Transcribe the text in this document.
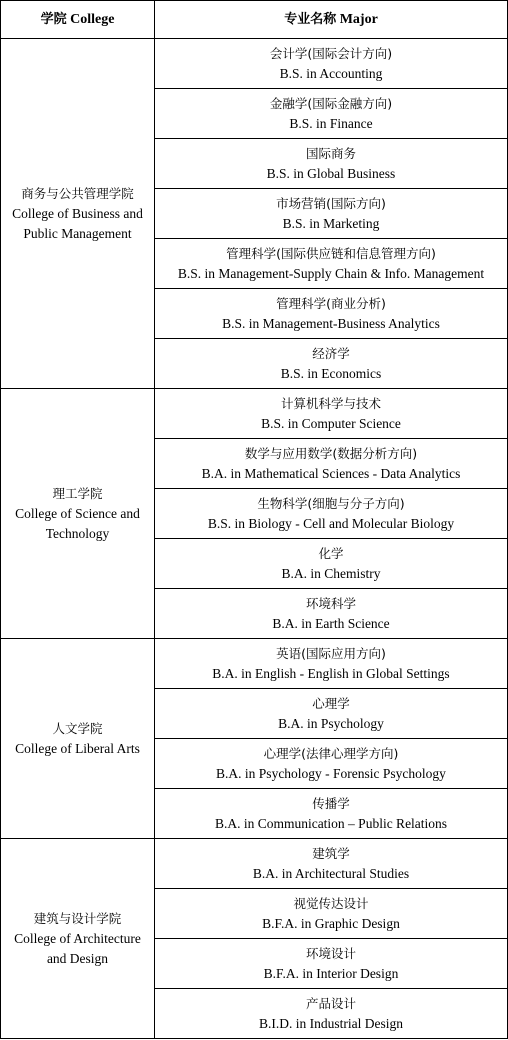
学院 College	专业名称 Major

商务与公共管理学院
College of Business and
Public Management	会计学(国际会计方向)
B.S. in Accounting

	金融学(国际金融方向)
B.S. in Finance

	国际商务
B.S. in Global Business

	市场营销(国际方向)
B.S. in Marketing

	管理科学(国际供应链和信息管理方向)
B.S. in Management-Supply Chain & Info. Management

	管理科学(商业分析)
B.S. in Management-Business Analytics

	经济学
B.S. in Economics

理工学院
College of Science and
Technology	计算机科学与技术
B.S. in Computer Science

	数学与应用数学(数据分析方向)
B.A. in Mathematical Sciences - Data Analytics

	生物科学(细胞与分子方向)
B.S. in Biology - Cell and Molecular Biology

	化学
B.A. in Chemistry

	环境科学
B.A. in Earth Science

人文学院
College of Liberal Arts	英语(国际应用方向)
B.A. in English - English in Global Settings

	心理学
B.A. in Psychology

	心理学(法律心理学方向)
B.A. in Psychology - Forensic Psychology

	传播学
B.A. in Communication – Public Relations

建筑与设计学院
College of Architecture
and Design	建筑学
B.A. in Architectural Studies

	视觉传达设计
B.F.A. in Graphic Design

	环境设计
B.F.A. in Interior Design

	产品设计
B.I.D. in Industrial Design
